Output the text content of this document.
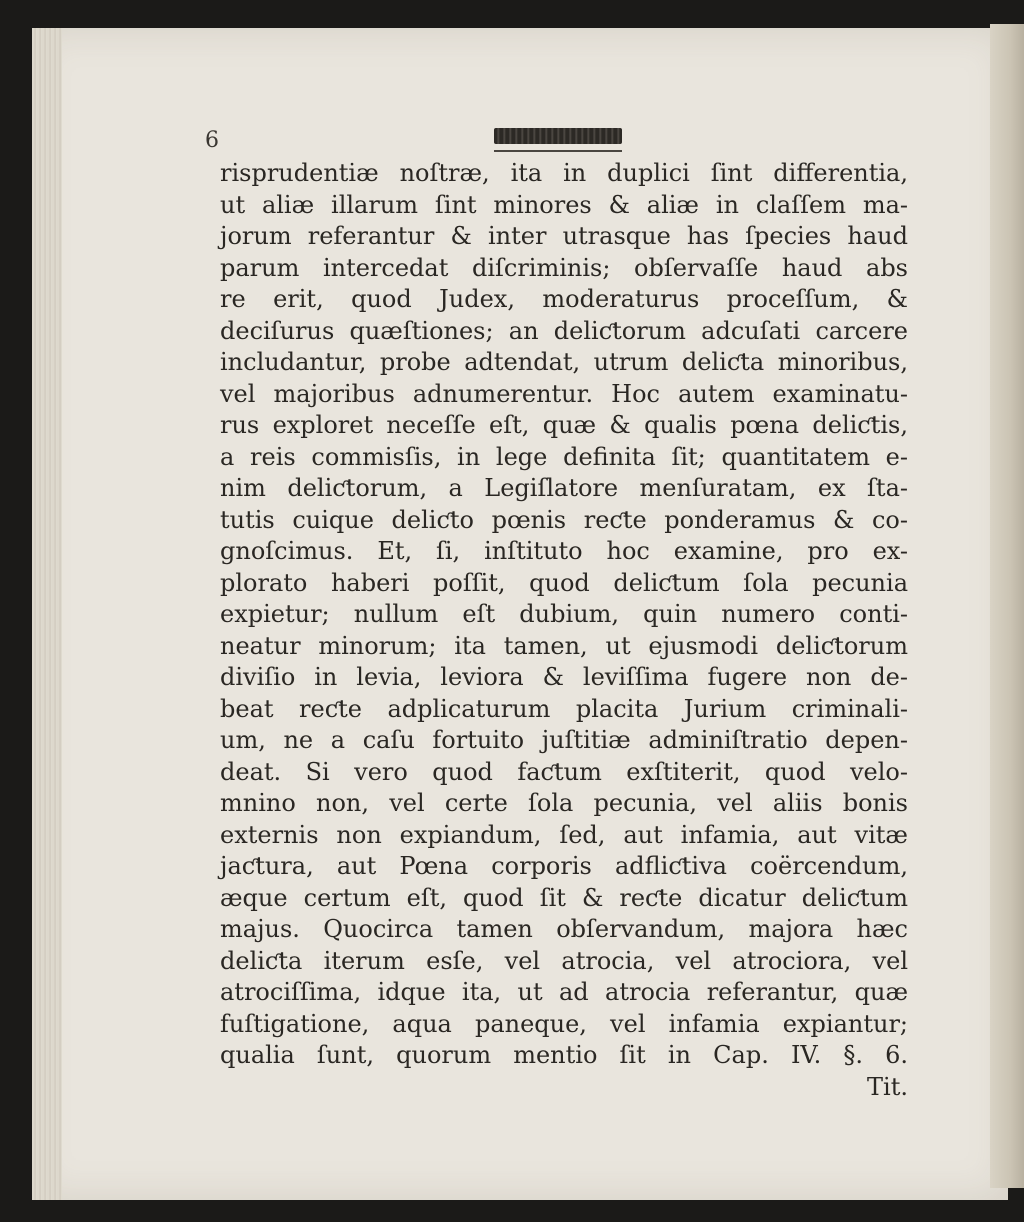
6
risprudentiæ noſtræ, ita in duplici ſint differentia,
ut aliæ illarum ſint minores & aliæ in claſſem ma-
jorum referantur & inter utrasque has ſpecies haud
parum intercedat diſcriminis; obſervaſſe haud abs
re erit, quod Judex, moderaturus proceſſum, &
deciſurus quæſtiones; an deliƈtorum adcuſati carcere
includantur, probe adtendat, utrum deliƈta minoribus,
vel majoribus adnumerentur. Hoc autem examinatu-
rus exploret neceſſe eſt, quæ & qualis pœna deliƈtis,
a reis commisſis, in lege definita ſit; quantitatem e-
nim deliƈtorum, a Legiſlatore menſuratam, ex ſta-
tutis cuique deliƈto pœnis reƈte ponderamus & co-
gnoſcimus. Et, ſi, inſtituto hoc examine, pro ex-
plorato haberi poſſit, quod deliƈtum ſola pecunia
expietur; nullum eſt dubium, quin numero conti-
neatur minorum; ita tamen, ut ejusmodi deliƈtorum
diviſio in levia, leviora & leviſſima fugere non de-
beat reƈte adplicaturum placita Jurium criminali-
um, ne a caſu fortuito juſtitiæ adminiſtratio depen-
deat. Si vero quod faƈtum exſtiterit, quod velo-
mnino non, vel certe ſola pecunia, vel aliis bonis
externis non expiandum, ſed, aut infamia, aut vitæ
jaƈtura, aut Pœna corporis adfliƈtiva coërcendum,
æque certum eſt, quod ſit & reƈte dicatur deliƈtum
majus. Quocirca tamen obſervandum, majora hæc
deliƈta iterum esſe, vel atrocia, vel atrociora, vel
atrociſſima, idque ita, ut ad atrocia referantur, quæ
fuſtigatione, aqua paneque, vel infamia expiantur;
qualia ſunt, quorum mentio ſit in Cap. IV. §. 6.
Tit.
